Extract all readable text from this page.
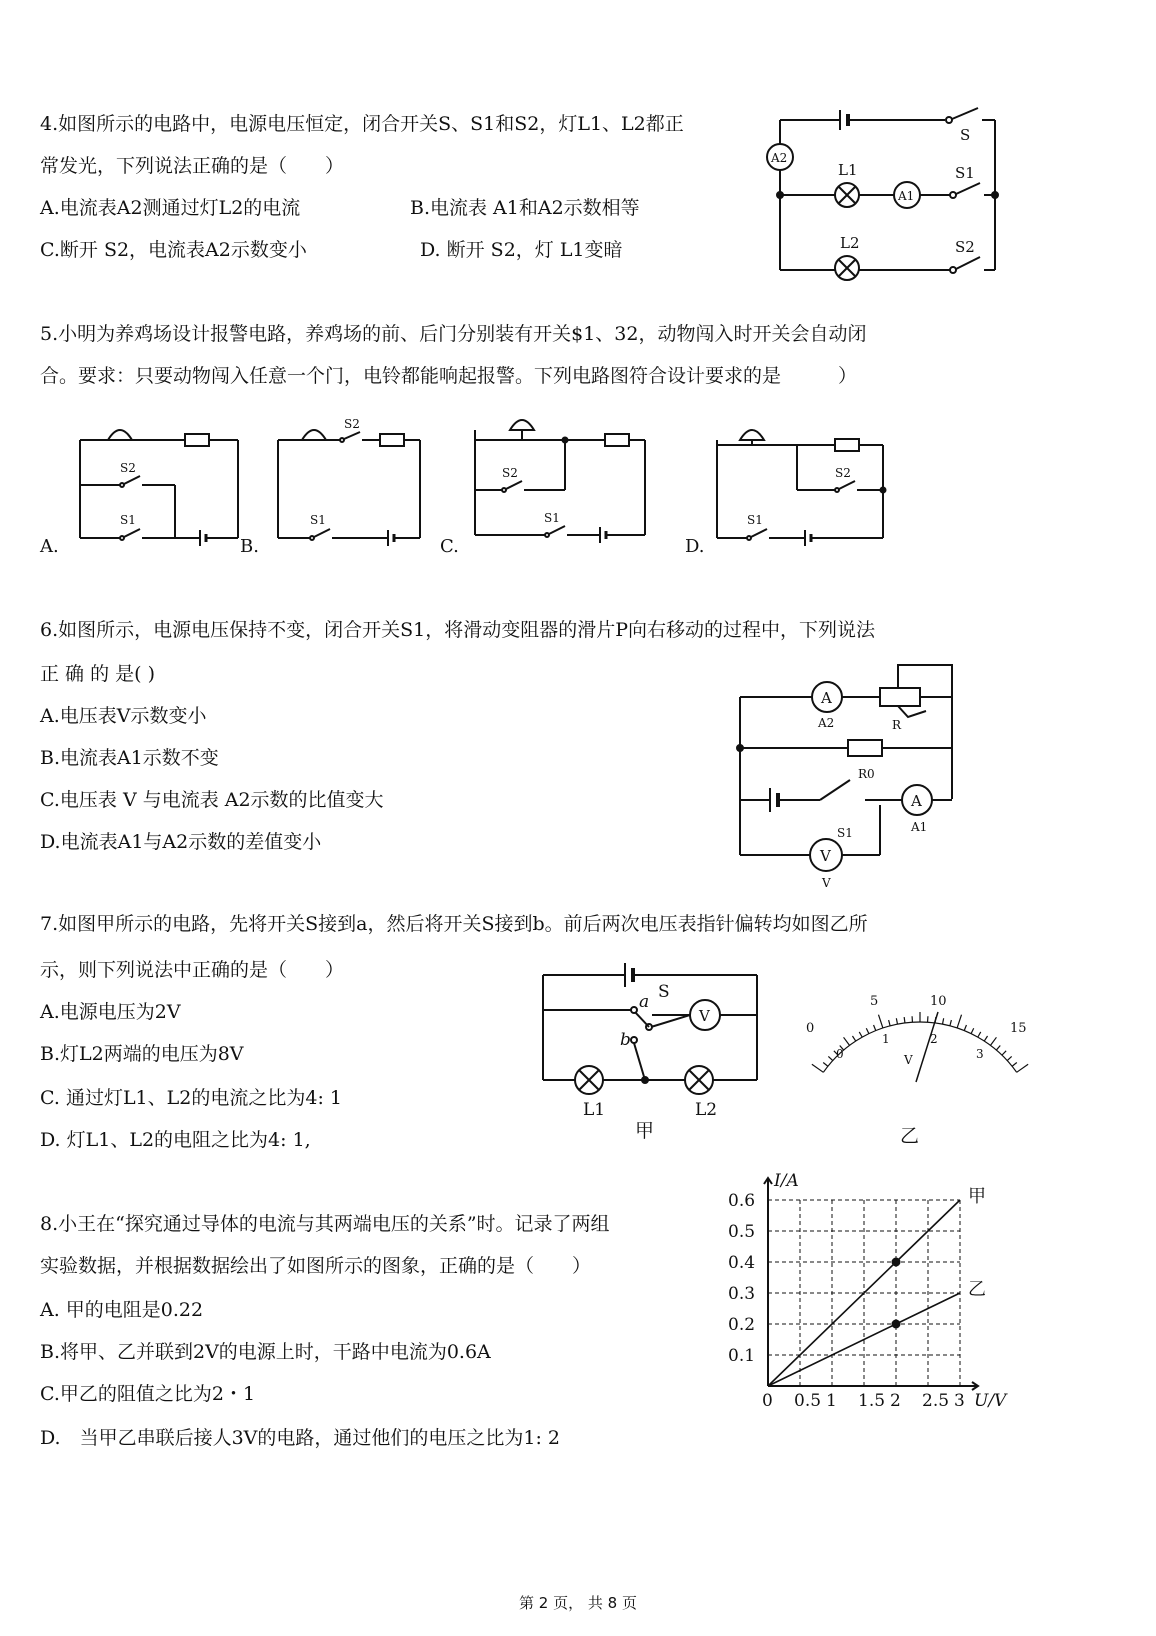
4.如图所示的电路中，电源电压恒定，闭合开关S、S1和S2，灯L1、L2都正
常发光，下列说法正确的是（　　）
A.电流表A2测通过灯L2的电流	B.电流表 A1和A2示数相等
C.断开 S2，电流表A2示数变小	D. 断开 S2，灯 L1变暗
S
A2
L1
A1
S1
L2	S2
5.小明为养鸡场设计报警电路，养鸡场的前、后门分别装有开关$1、32，动物闯入时开关会自动闭
合。要求：只要动物闯入任意一个门，电铃都能响起报警。下列电路图符合设计要求的是　　　）
A.
S2
S1
B.
S2
S1
C.
S2
S1
D.
S2
S1
6.如图所示，电源电压保持不变，闭合开关S1，将滑动变阻器的滑片P向右移动的过程中，下列说法
正 确 的 是( )
A.电压表V示数变小
B.电流表A1示数不变
C.电压表 V 与电流表 A2示数的比值变大
D.电流表A1与A2示数的差值变小
A
A2	R
R0
A
A1
S1
V
V
7.如图甲所示的电路，先将开关S接到a，然后将开关S接到b。前后两次电压表指针偏转均如图乙所
示，则下列说法中正确的是（　　）
A.电源电压为2V
B.灯L2两端的电压为8V
C. 通过灯L1、L2的电流之比为4: 1
D. 灯L1、L2的电阻之比为4: 1,
a S
b
V
L1	L2
甲
0
5	10
15
0
1	2
3
V
乙
8.小王在“探究通过导体的电流与其两端电压的关系”时。记录了两组
实验数据，并根据数据绘出了如图所示的图象，正确的是（　　）
A. 甲的电阻是0.22
B.将甲、乙并联到2V的电源上时，干路中电流为0.6A
C.甲乙的阻值之比为2・1
D.　当甲乙串联后接人3V的电路，通过他们的电压之比为1: 2
0 0.5 1 1.5 2 2.5 3
0.1
0.2
0.3
0.4
0.5
0.6
U/V
I/A
甲
乙
第 2 页， 共 8 页
